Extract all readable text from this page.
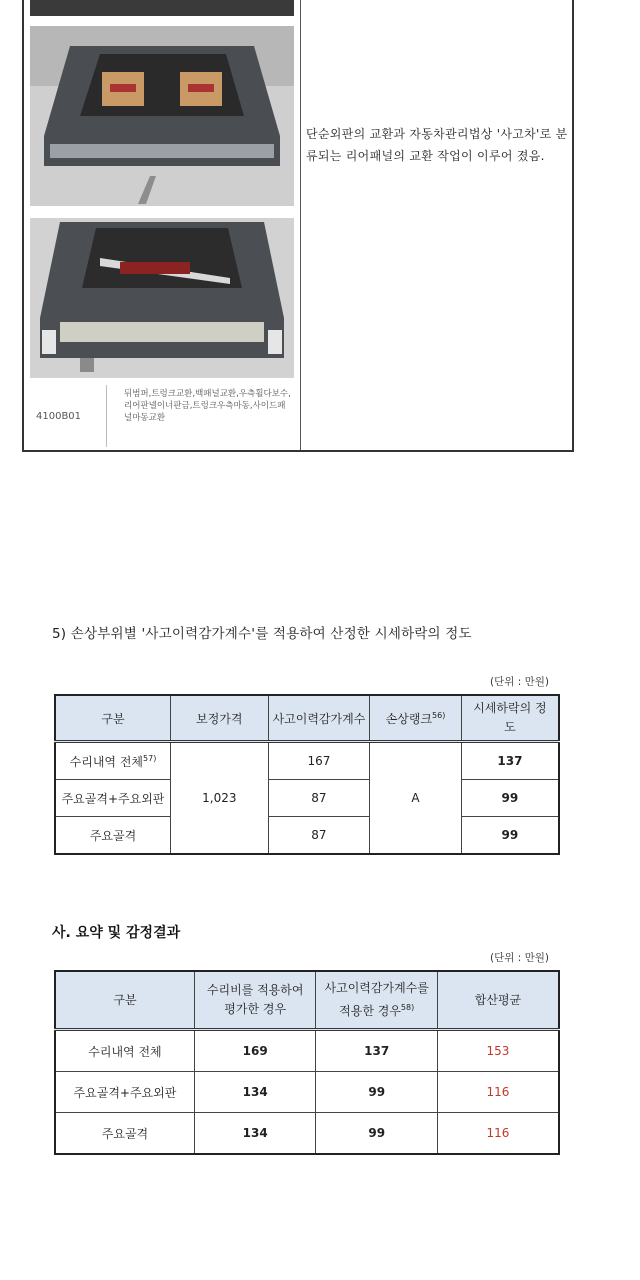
4100B01
뒤범퍼,트렁크교환,백패널교환,우측휠다보수,리어판넬이너판금,트렁크우측마동,사이드패널마동교환
단순외판의 교환과 자동차관리법상 '사고차'로 분류되는 리어패널의 교환 작업이 이루어 졌음.
5) 손상부위별 '사고이력감가계수'를 적용하여 산정한 시세하락의 정도
(단위 : 만원)
구분	보정가격	사고이력감가계수	손상랭크$^{56)}$	시세하락의 정도
수리내역 전체$^{57)}$	1,023	167	A	137
주요골격+주요외판		87		99
주요골격		87		99
사. 요약 및 감정결과
(단위 : 만원)
구분	수리비를 적용하여 평가한 경우	사고이력감가계수를 적용한 경우$^{58)}$	합산평균
수리내역 전체	169	137	153
주요골격+주요외판	134	99	116
주요골격	134	99	116
